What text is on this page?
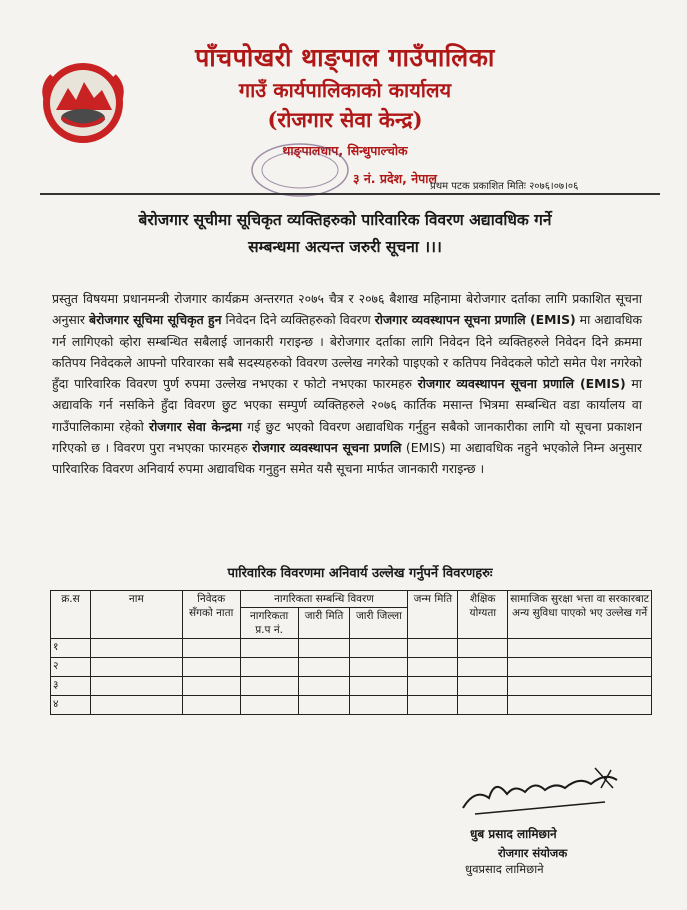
पाँचपोखरी थाङ्पाल गाउँपालिका
गाउँ कार्यपालिकाको कार्यालय
(रोजगार सेवा केन्द्र)
थाङ्पालधाप, सिन्धुपाल्चोक
३ नं. प्रदेश, नेपाल
प्रथम पटक प्रकाशित मितिः २०७६।०७।०६
बेरोजगार सूचीमा सूचिकृत व्यक्तिहरुको पारिवारिक विवरण अद्यावधिक गर्ने
सम्बन्धमा अत्यन्त जरुरी सूचना ।।।
प्रस्तुत विषयमा प्रधानमन्त्री रोजगार कार्यक्रम अन्तरगत २०७५ चैत्र र २०७६ बैशाख महिनामा बेरोजगार दर्ताका लागि प्रकाशित सूचना अनुसार बेरोजगार सूचिमा सूचिकृत हुन निवेदन दिने व्यक्तिहरुको विवरण रोजगार व्यवस्थापन सूचना प्रणालि (EMIS) मा अद्यावधिक गर्न लागिएको व्होरा सम्बन्धित सबैलाई जानकारी गराइन्छ । बेरोजगार दर्ताका लागि निवेदन दिने व्यक्तिहरुले निवेदन दिने क्रममा कतिपय निवेदकले आफ्नो परिवारका सबै सदस्यहरुको विवरण उल्लेख नगरेको पाइएको र कतिपय निवेदकले फोटो समेत पेश नगरेको हुँदा पारिवारिक विवरण पुर्ण रुपमा उल्लेख नभएका र फोटो नभएका फारमहरु रोजगार व्यवस्थापन सूचना प्रणालि (EMIS) मा अद्यावकि गर्न नसकिने हुँदा विवरण छुट भएका सम्पुर्ण व्यक्तिहरुले २०७६ कार्तिक मसान्त भित्रमा सम्बन्धित वडा कार्यालय वा गाउँपालिकामा रहेको रोजगार सेवा केन्द्रमा गई छुट भएको विवरण अद्यावधिक गर्नुहुन सबैको जानकारीका लागि यो सूचना प्रकाशन गरिएको छ । विवरण पुरा नभएका फारमहरु रोजगार व्यवस्थापन सूचना प्रणलि (EMIS) मा अद्यावधिक नहुने भएकोले निम्न अनुसार पारिवारिक विवरण अनिवार्य रुपमा अद्यावधिक गनुहुन समेत यसै सूचना मार्फत जानकारी गराइन्छ ।
पारिवारिक विवरणमा अनिवार्य उल्लेख गर्नुपर्ने विवरणहरुः
क्र.स	नाम	निवेदक सँगको नाता	नागरिकता सम्बन्धि विवरण			जन्म मिति	शैक्षिक योग्यता	सामाजिक सुरक्षा भत्ता वा सरकारबाट अन्य सुविधा पाएको भए उल्लेख गर्ने
			नागरिकता प्र.प नं.	जारी मिति	जारी जिल्ला			
१								
२								
३								
४								
धुब प्रसाद लामिछाने
रोजगार संयोजक
धुवप्रसाद लामिछाने
